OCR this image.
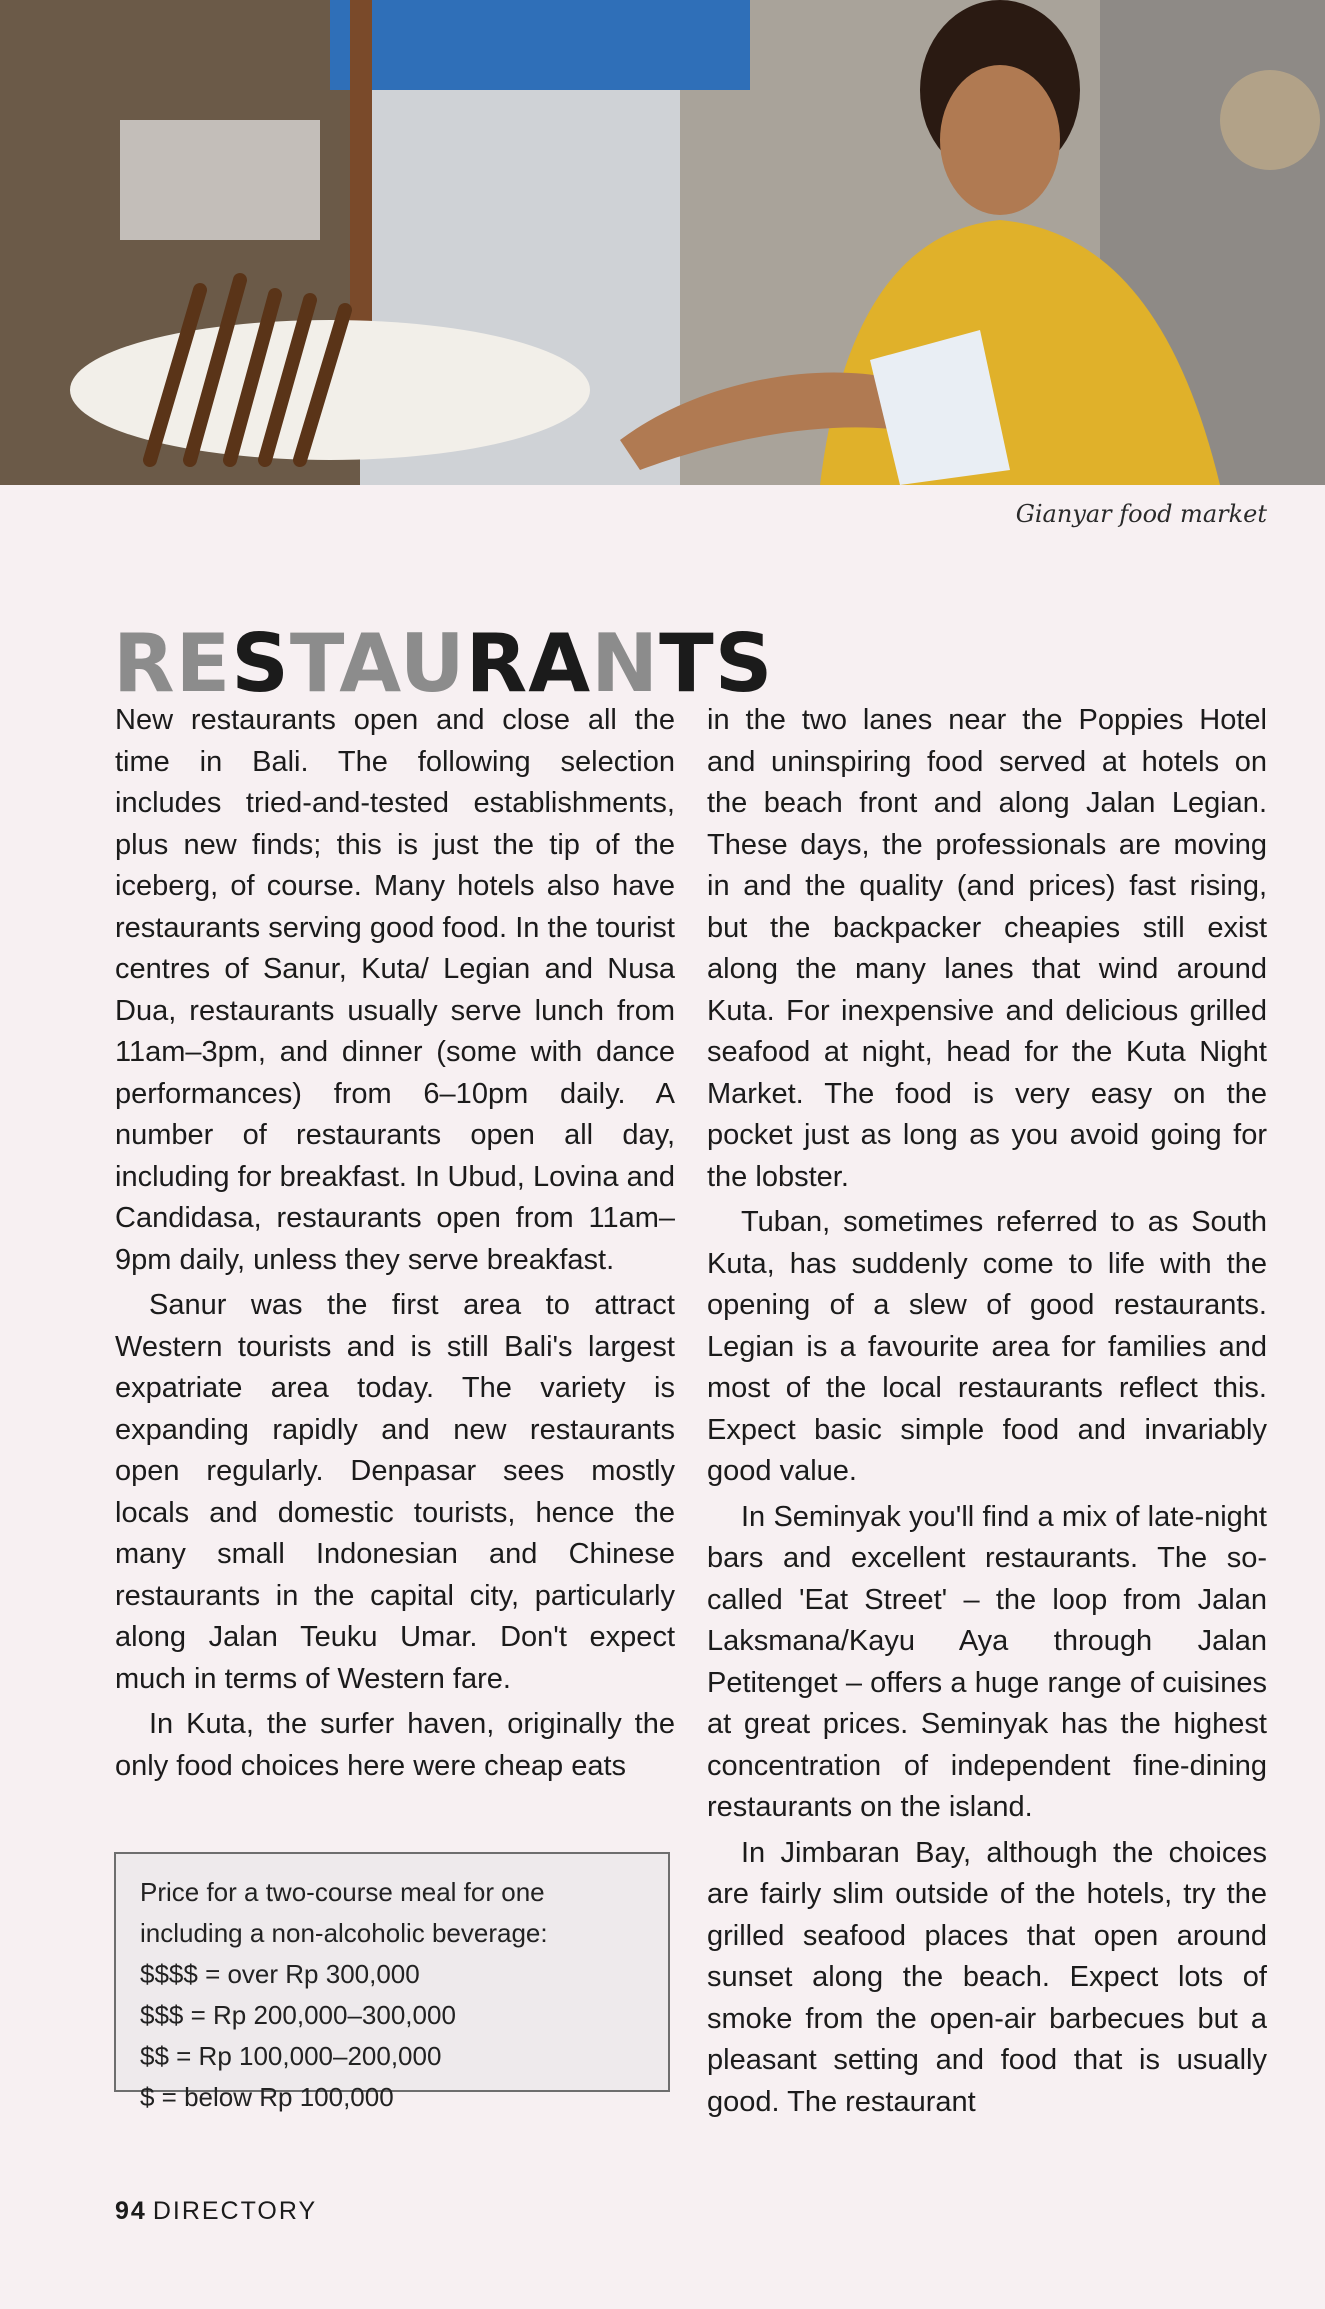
Gianyar food market
RESTAURANTS

New restaurants open and close all the time in Bali. The following selection includes tried-and-tested establishments, plus new finds; this is just the tip of the iceberg, of course. Many hotels also have restaurants serving good food. In the tourist centres of Sanur, Kuta/ Legian and Nusa Dua, restaurants usually serve lunch from 11am–3pm, and dinner (some with dance performances) from 6–10pm daily. A number of restaurants open all day, including for breakfast. In Ubud, Lovina and Candidasa, restaurants open from 11am–9pm daily, unless they serve breakfast.

Sanur was the first area to attract Western tourists and is still Bali's largest expatriate area today. The variety is expanding rapidly and new restaurants open regularly. Denpasar sees mostly locals and domestic tourists, hence the many small Indonesian and Chinese restaurants in the capital city, particularly along Jalan Teuku Umar. Don't expect much in terms of Western fare.

In Kuta, the surfer haven, originally the only food choices here were cheap eats

Price for a two-course meal for one
including a non-alcoholic beverage:
$$$$ = over Rp 300,000
$$$ = Rp 200,000–300,000
$$ = Rp 100,000–200,000
$ = below Rp 100,000

in the two lanes near the Poppies Hotel and uninspiring food served at hotels on the beach front and along Jalan Legian. These days, the professionals are moving in and the quality (and prices) fast rising, but the backpacker cheapies still exist along the many lanes that wind around Kuta. For inexpensive and delicious grilled seafood at night, head for the Kuta Night Market. The food is very easy on the pocket just as long as you avoid going for the lobster.

Tuban, sometimes referred to as South Kuta, has suddenly come to life with the opening of a slew of good restaurants. Legian is a favourite area for families and most of the local restaurants reflect this. Expect basic simple food and invariably good value.

In Seminyak you'll find a mix of late-night bars and excellent restaurants. The so-called 'Eat Street' – the loop from Jalan Laksmana/Kayu Aya through Jalan Petitenget – offers a huge range of cuisines at great prices. Seminyak has the highest concentration of independent fine-dining restaurants on the island.

In Jimbaran Bay, although the choices are fairly slim outside of the hotels, try the grilled seafood places that open around sunset along the beach. Expect lots of smoke from the open-air barbecues but a pleasant setting and food that is usually good. The restaurant

94 DIRECTORY
